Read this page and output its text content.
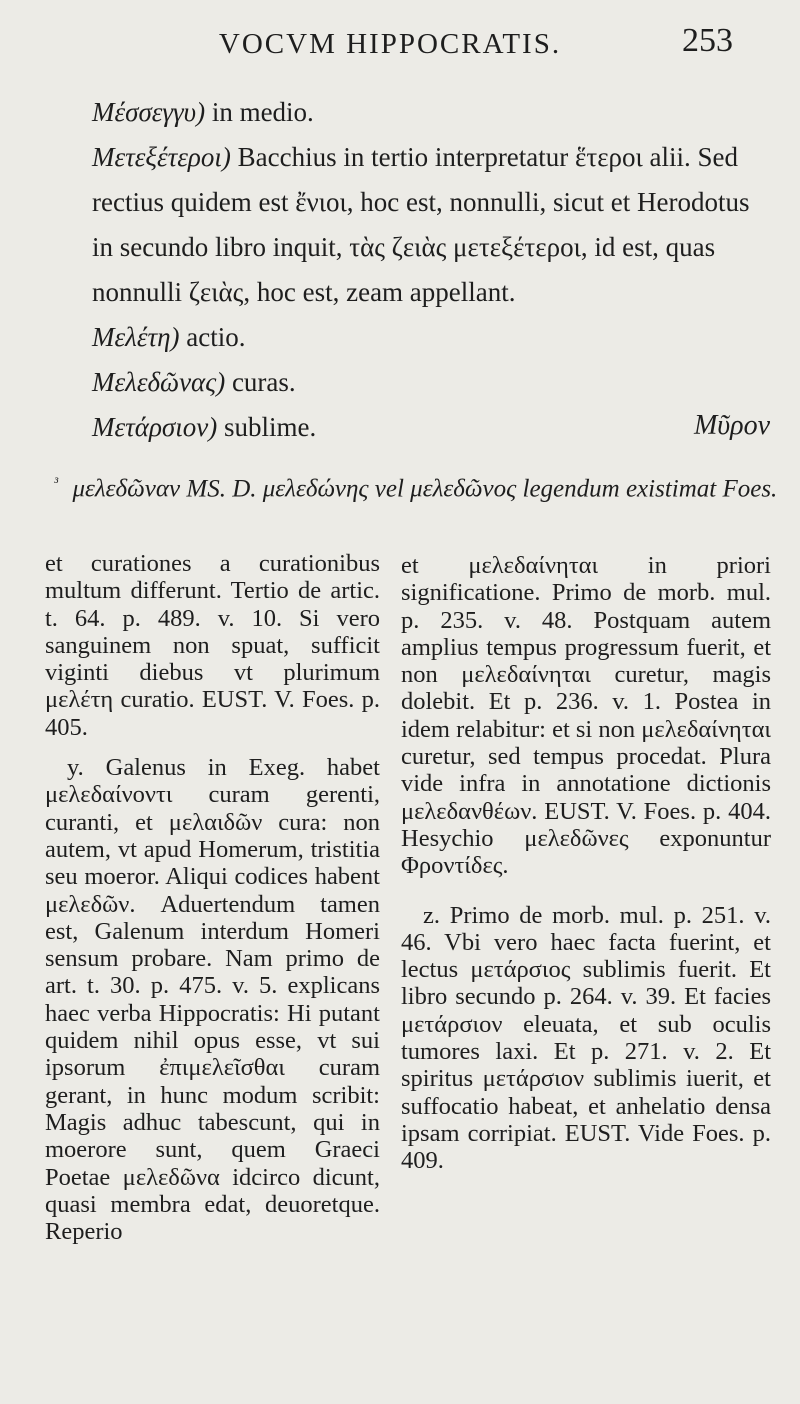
VOCVM HIPPOCRATIS.	253

Μέσσεγγυ) in medio.

Μετεξέτεροι) Bacchius in tertio interpretatur ἕτεροι alii. Sed rectius quidem est ἔνιοι, hoc est, nonnulli, sicut et Herodotus in secundo libro inquit, τὰς ζειὰς μετεξέτεροι, id est, quas nonnulli ζειὰς, hoc est, zeam appellant.

Μελέτη) actio.

Μελεδῶνας) curas.

Μετάρσιον) sublime.	Μῦρον
$^{^3}$ μελεδῶναν MS. D. μελεδώνης vel μελεδῶνος legendum existimat Foes.

et curationes a curationibus multum differunt. Tertio de artic. t. 64. p. 489. v. 10. Si vero sanguinem non spuat, sufficit viginti diebus vt plurimum μελέτη curatio. EUST. V. Foes. p. 405.

y. Galenus in Exeg. habet μελεδαίνοντι curam gerenti, curanti, et μελαιδῶν cura: non autem, vt apud Homerum, tristitia seu moeror. Aliqui codices habent μελεδῶν. Aduertendum tamen est, Galenum interdum Homeri sensum probare. Nam primo de art. t. 30. p. 475. v. 5. explicans haec verba Hippocratis: Hi putant quidem nihil opus esse, vt sui ipsorum ἐπιμελεῖσθαι curam gerant, in hunc modum scribit: Magis adhuc tabescunt, qui in moerore sunt, quem Graeci Poetae μελεδῶνα idcirco dicunt, quasi membra edat, deuoretque. Reperio

et μελεδαίνηται in priori significatione. Primo de morb. mul. p. 235. v. 48. Postquam autem amplius tempus progressum fuerit, et non μελεδαίνηται curetur, magis dolebit. Et p. 236. v. 1. Postea in idem relabitur: et si non μελεδαίνηται curetur, sed tempus procedat. Plura vide infra in annotatione dictionis μελεδανθέων. EUST. V. Foes. p. 404. Hesychio μελεδῶνες exponuntur Φροντίδες.

z. Primo de morb. mul. p. 251. v. 46. Vbi vero haec facta fuerint, et lectus μετάρσιος sublimis fuerit. Et libro secundo p. 264. v. 39. Et facies μετάρσιον eleuata, et sub oculis tumores laxi. Et p. 271. v. 2. Et spiritus μετάρσιον sublimis iuerit, et suffocatio habeat, et anhelatio densa ipsam corripiat. EUST. Vide Foes. p. 409.
